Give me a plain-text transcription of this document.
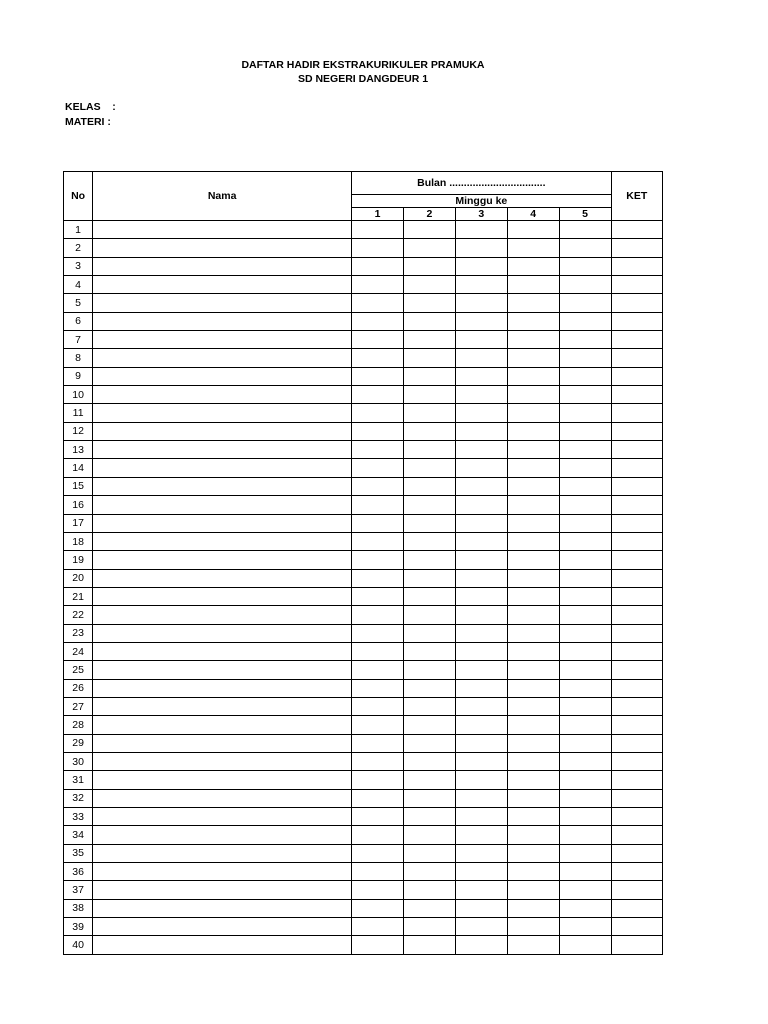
DAFTAR HADIR EKSTRAKURIKULER PRAMUKA
SD NEGERI DANGDEUR 1
KELAS    :
MATERI :
No	Nama	Bulan .................................					KET
		Minggu ke					
		1	2	3	4	5	
1							
2							
3							
4							
5							
6							
7							
8							
9							
10							
11							
12							
13							
14							
15							
16							
17							
18							
19							
20							
21							
22							
23							
24							
25							
26							
27							
28							
29							
30							
31							
32							
33							
34							
35							
36							
37							
38							
39							
40							
